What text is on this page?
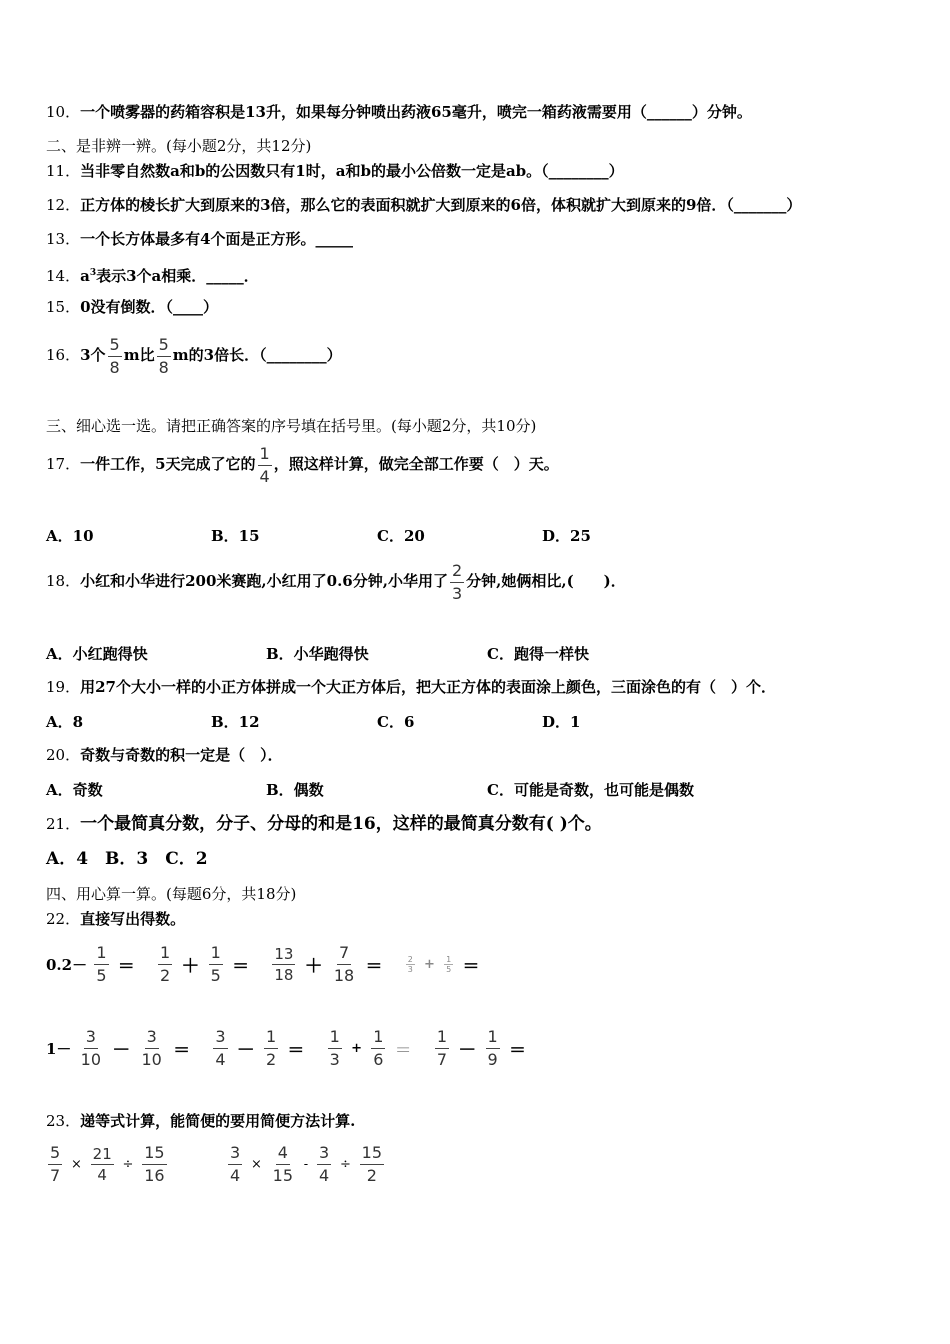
10．一个喷雾器的药箱容积是13升，如果每分钟喷出药液65毫升，喷完一箱药液需要用（______）分钟。
二、是非辨一辨。(每小题2分，共12分)
11．当非零自然数a和b的公因数只有1时，a和b的最小公倍数一定是ab。（________）
12．正方体的棱长扩大到原来的3倍，那么它的表面积就扩大到原来的6倍，体积就扩大到原来的9倍．（_______）
13．一个长方体最多有4个面是正方形。_____
14．$a^3$表示3个a相乘．_____．
15．0没有倒数．（____）
16．3个 $\frac{5}{8}$ m比 $\frac{5}{8}$ m的3倍长．（________）
三、细心选一选。请把正确答案的序号填在括号里。(每小题2分，共10分)
17．一件工作，5天完成了它的 $\frac{1}{4}$ ，照这样计算，做完全部工作要（　）天。
A．10	B．15	C．20	D．25
18．小红和小华进行200米赛跑,小红用了0.6分钟,小华用了 $\frac{2}{3}$ 分钟,她俩相比,(　　)．
A．小红跑得快	B．小华跑得快	C．跑得一样快
19．用27个大小一样的小正方体拼成一个大正方体后，把大正方体的表面涂上颜色，三面涂色的有（　）个．
A．8	B．12	C．6	D．1
20．奇数与奇数的积一定是（　）．
A．奇数	B．偶数	C．可能是奇数，也可能是偶数
21．一个最简真分数，分子、分母的和是16，这样的最简真分数有( )个。
A．4　B．3　C．2
四、用心算一算。(每题6分，共18分)
22．直接写出得数。
$0.2- \frac{1}{5} = \frac{1}{2} + \frac{1}{5} = \frac{13}{18} + \frac{7}{18}$ ＝	$\frac{2}{3} + \frac{1}{5}$ ＝
$1- \frac{3}{10} - \frac{3}{10} = \frac{3}{4} - \frac{1}{2} = \frac{1}{3} + \frac{1}{6} = \frac{1}{7} - \frac{1}{9}$ ＝
23．递等式计算，能简便的要用简便方法计算.
$\frac{5}{7} \times \frac{21}{4} \div \frac{15}{16}$	$\frac{3}{4} \times \frac{4}{15} - \frac{3}{4} \div \frac{15}{2}$
